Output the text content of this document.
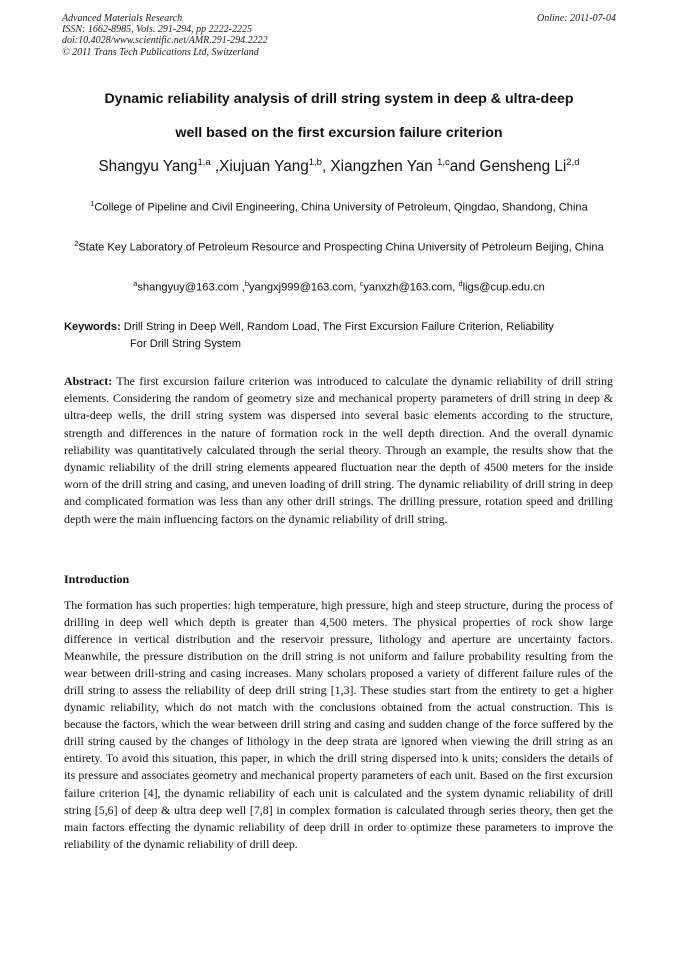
Advanced Materials Research
ISSN: 1662-8985, Vols. 291-294, pp 2222-2225
doi:10.4028/www.scientific.net/AMR.291-294.2222
© 2011 Trans Tech Publications Ltd, Switzerland
Online: 2011-07-04
Dynamic reliability analysis of drill string system in deep & ultra-deep
well based on the first excursion failure criterion
Shangyu Yang$^{1,a}$ ,Xiujuan Yang$^{1,b}$, Xiangzhen Yan $^{1,c}$and Gensheng Li$^{2,d}$
$^1$College of Pipeline and Civil Engineering, China University of Petroleum, Qingdao, Shandong, China
$^2$State Key Laboratory of Petroleum Resource and Prospecting China University of Petroleum Beijing, China
$^a$shangyuy@163.com ,$^b$yangxj999@163.com, $^c$yanxzh@163.com, $^d$ligs@cup.edu.cn
Keywords: Drill String in Deep Well, Random Load, The First Excursion Failure Criterion, Reliability
For Drill String System
Abstract: The first excursion failure criterion was introduced to calculate the dynamic reliability of drill string elements. Considering the random of geometry size and mechanical property parameters of drill string in deep & ultra-deep wells, the drill string system was dispersed into several basic elements according to the structure, strength and differences in the nature of formation rock in the well depth direction. And the overall dynamic reliability was quantitatively calculated through the serial theory. Through an example, the results show that the dynamic reliability of the drill string elements appeared fluctuation near the depth of 4500 meters for the inside worn of the drill string and casing, and uneven loading of drill string. The dynamic reliability of drill string in deep and complicated formation was less than any other drill strings. The drilling pressure, rotation speed and drilling depth were the main influencing factors on the dynamic reliability of drill string.
Introduction
The formation has such properties: high temperature, high pressure, high and steep structure, during the process of drilling in deep well which depth is greater than 4,500 meters. The physical properties of rock show large difference in vertical distribution and the reservoir pressure, lithology and aperture are uncertainty factors. Meanwhile, the pressure distribution on the drill string is not uniform and failure probability resulting from the wear between drill-string and casing increases. Many scholars proposed a variety of different failure rules of the drill string to assess the reliability of deep drill string [1,3]. These studies start from the entirety to get a higher dynamic reliability, which do not match with the conclusions obtained from the actual construction. This is because the factors, which the wear between drill string and casing and sudden change of the force suffered by the drill string caused by the changes of lithology in the deep strata are ignored when viewing the drill string as an entirety. To avoid this situation, this paper, in which the drill string dispersed into k units; considers the details of its pressure and associates geometry and mechanical property parameters of each unit. Based on the first excursion failure criterion [4], the dynamic reliability of each unit is calculated and the system dynamic reliability of drill string [5,6] of deep & ultra deep well [7,8] in complex formation is calculated through series theory, then get the main factors effecting the dynamic reliability of deep drill in order to optimize these parameters to improve the reliability of the dynamic reliability of drill deep.
